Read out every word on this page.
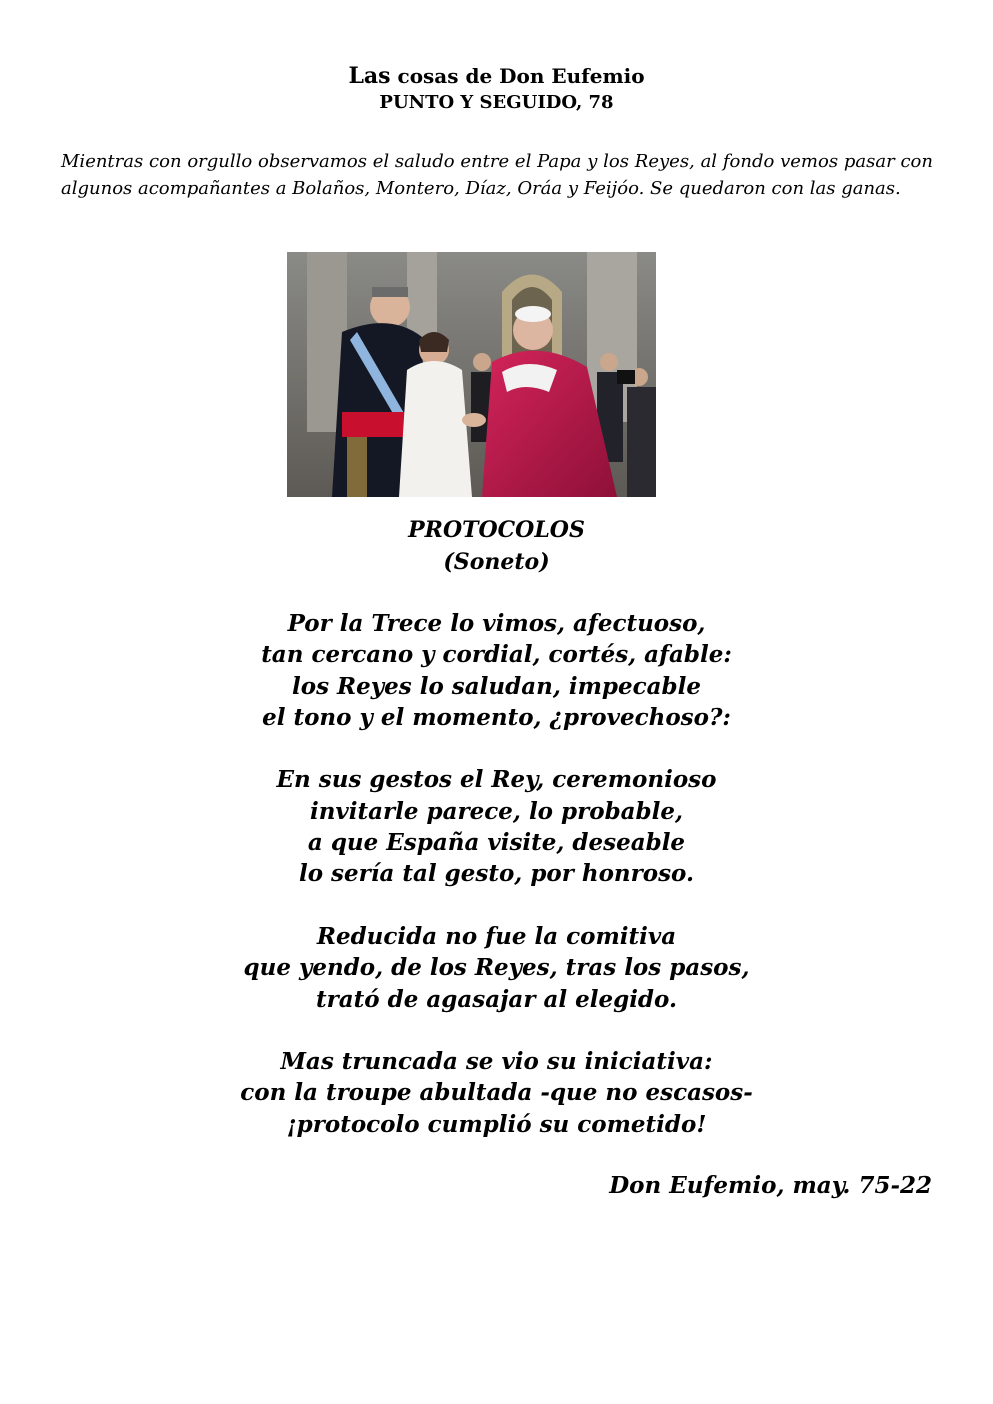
Las cosas de Don Eufemio
PUNTO Y SEGUIDO, 78
Mientras con orgullo observamos el saludo entre el Papa y los Reyes, al fondo vemos pasar con algunos acompañantes a Bolaños, Montero, Díaz, Oráa y Feijóo. Se quedaron con las ganas.
PROTOCOLOS
(Soneto)
Por la Trece lo vimos, afectuoso,
tan cercano y cordial, cortés, afable:
los Reyes lo saludan, impecable
el tono y el momento, ¿provechoso?:
En sus gestos el Rey, ceremonioso
invitarle parece, lo probable,
a que España visite, deseable
lo sería tal gesto, por honroso.
Reducida no fue la comitiva
que yendo, de los Reyes, tras los pasos,
trató de agasajar al elegido.
Mas truncada se vio su iniciativa:
con la troupe abultada -que no escasos-
¡protocolo cumplió su cometido!
Don Eufemio, may. 75-22
